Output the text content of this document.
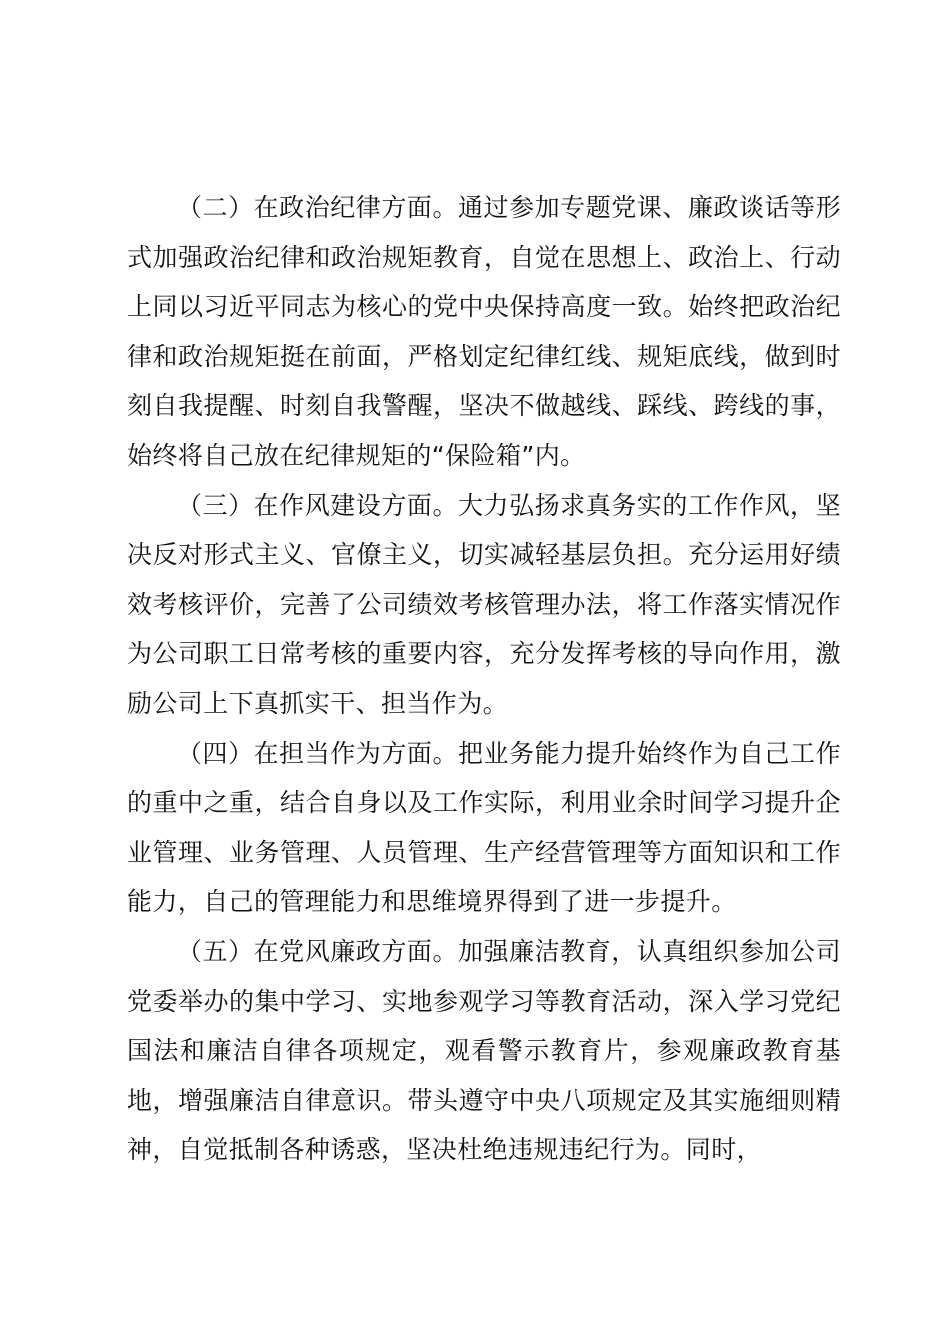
（二）在政治纪律方面。通过参加专题党课、廉政谈话等形式加强政治纪律和政治规矩教育，自觉在思想上、政治上、行动上同以习近平同志为核心的党中央保持高度一致。始终把政治纪律和政治规矩挺在前面，严格划定纪律红线、规矩底线，做到时刻自我提醒、时刻自我警醒，坚决不做越线、踩线、跨线的事，始终将自己放在纪律规矩的“保险箱”内。

（三）在作风建设方面。大力弘扬求真务实的工作作风，坚决反对形式主义、官僚主义，切实减轻基层负担。充分运用好绩效考核评价，完善了公司绩效考核管理办法，将工作落实情况作为公司职工日常考核的重要内容，充分发挥考核的导向作用，激励公司上下真抓实干、担当作为。

（四）在担当作为方面。把业务能力提升始终作为自己工作的重中之重，结合自身以及工作实际，利用业余时间学习提升企业管理、业务管理、人员管理、生产经营管理等方面知识和工作能力，自己的管理能力和思维境界得到了进一步提升。

（五）在党风廉政方面。加强廉洁教育，认真组织参加公司党委举办的集中学习、实地参观学习等教育活动，深入学习党纪国法和廉洁自律各项规定，观看警示教育片，参观廉政教育基地，增强廉洁自律意识。带头遵守中央八项规定及其实施细则精神，自觉抵制各种诱惑，坚决杜绝违规违纪行为。同时，
